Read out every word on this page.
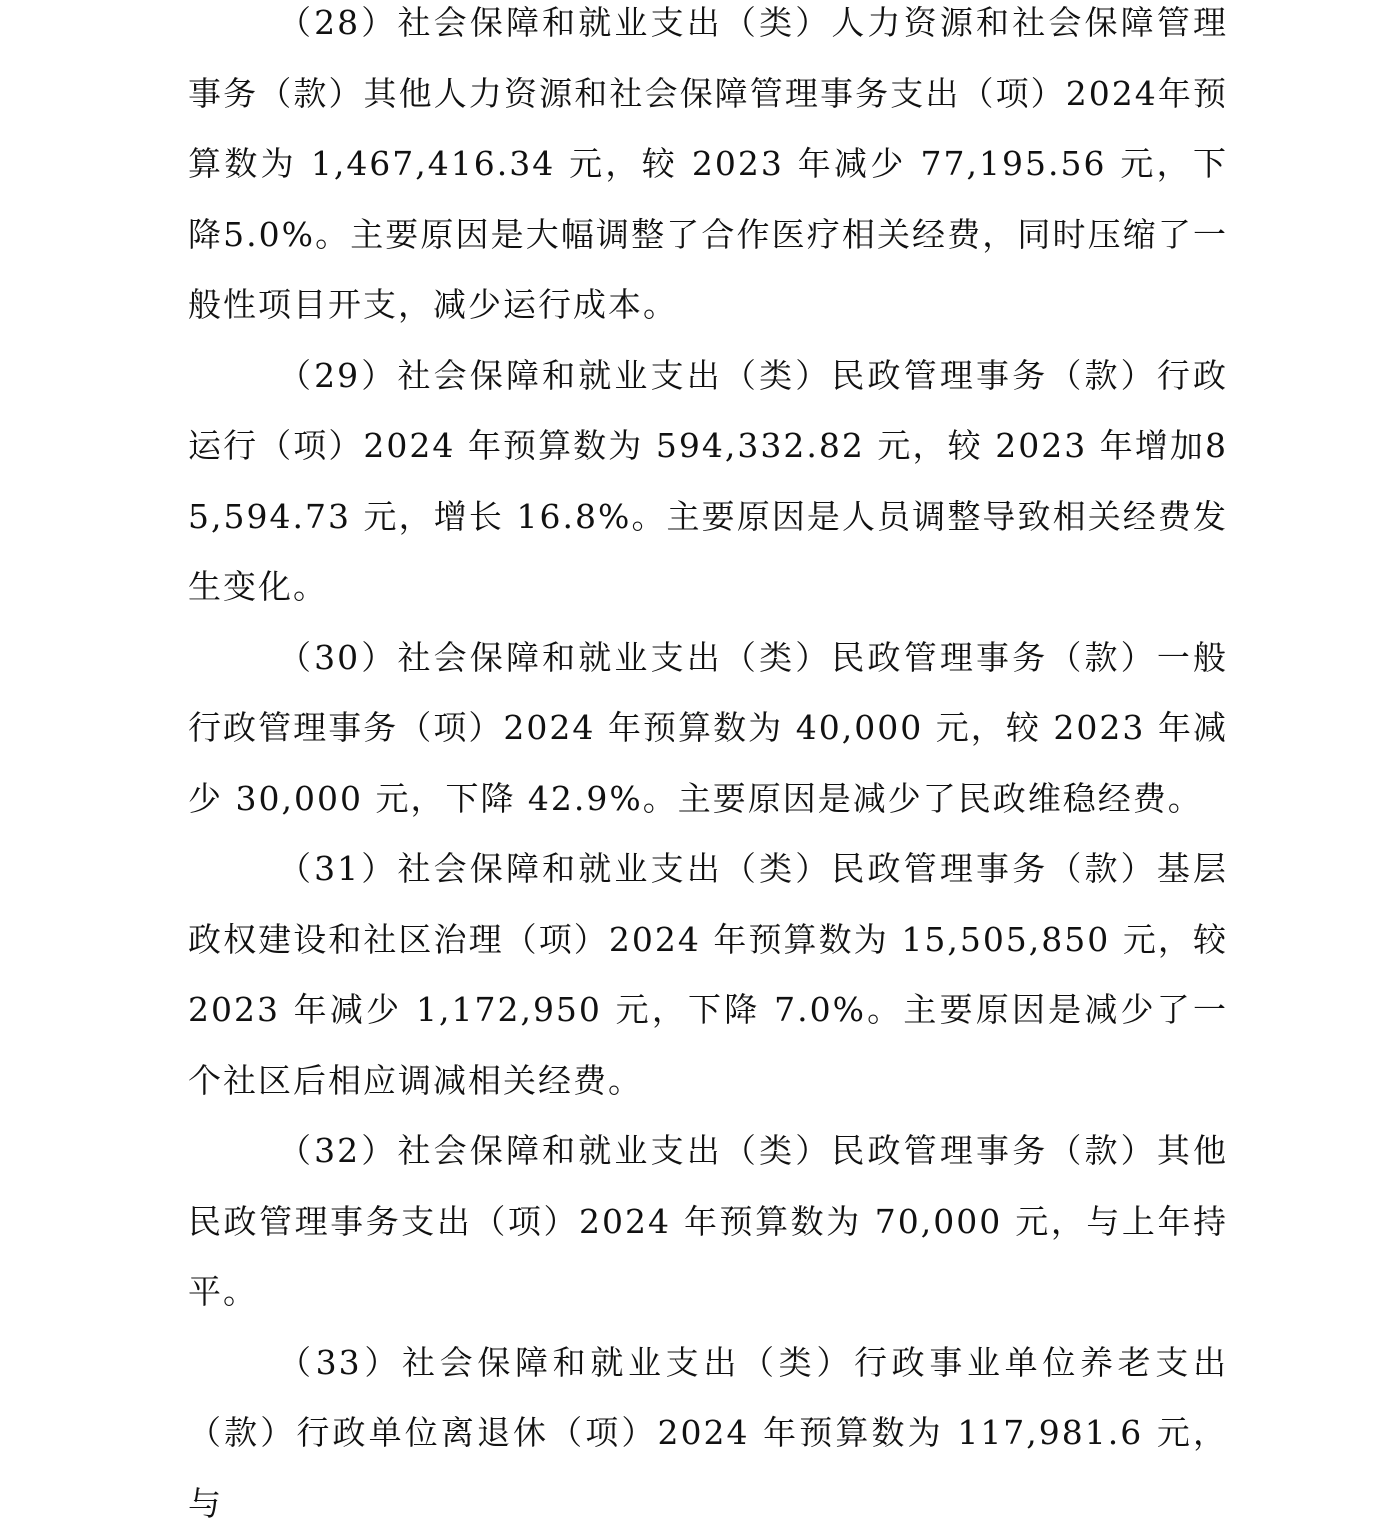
（28）社会保障和就业支出（类）人力资源和社会保障管理事务（款）其他人力资源和社会保障管理事务支出（项）2024年预算数为 1,467,416.34 元，较 2023 年减少 77,195.56 元，下降5.0%。主要原因是大幅调整了合作医疗相关经费，同时压缩了一般性项目开支，减少运行成本。

（29）社会保障和就业支出（类）民政管理事务（款）行政运行（项）2024 年预算数为 594,332.82 元，较 2023 年增加85,594.73 元，增长 16.8%。主要原因是人员调整导致相关经费发生变化。

（30）社会保障和就业支出（类）民政管理事务（款）一般行政管理事务（项）2024 年预算数为 40,000 元，较 2023 年减少 30,000 元，下降 42.9%。主要原因是减少了民政维稳经费。

（31）社会保障和就业支出（类）民政管理事务（款）基层政权建设和社区治理（项）2024 年预算数为 15,505,850 元，较2023 年减少 1,172,950 元，下降 7.0%。主要原因是减少了一个社区后相应调减相关经费。

（32）社会保障和就业支出（类）民政管理事务（款）其他民政管理事务支出（项）2024 年预算数为 70,000 元，与上年持平。

（33）社会保障和就业支出（类）行政事业单位养老支出（款）行政单位离退休（项）2024 年预算数为 117,981.6 元，与
